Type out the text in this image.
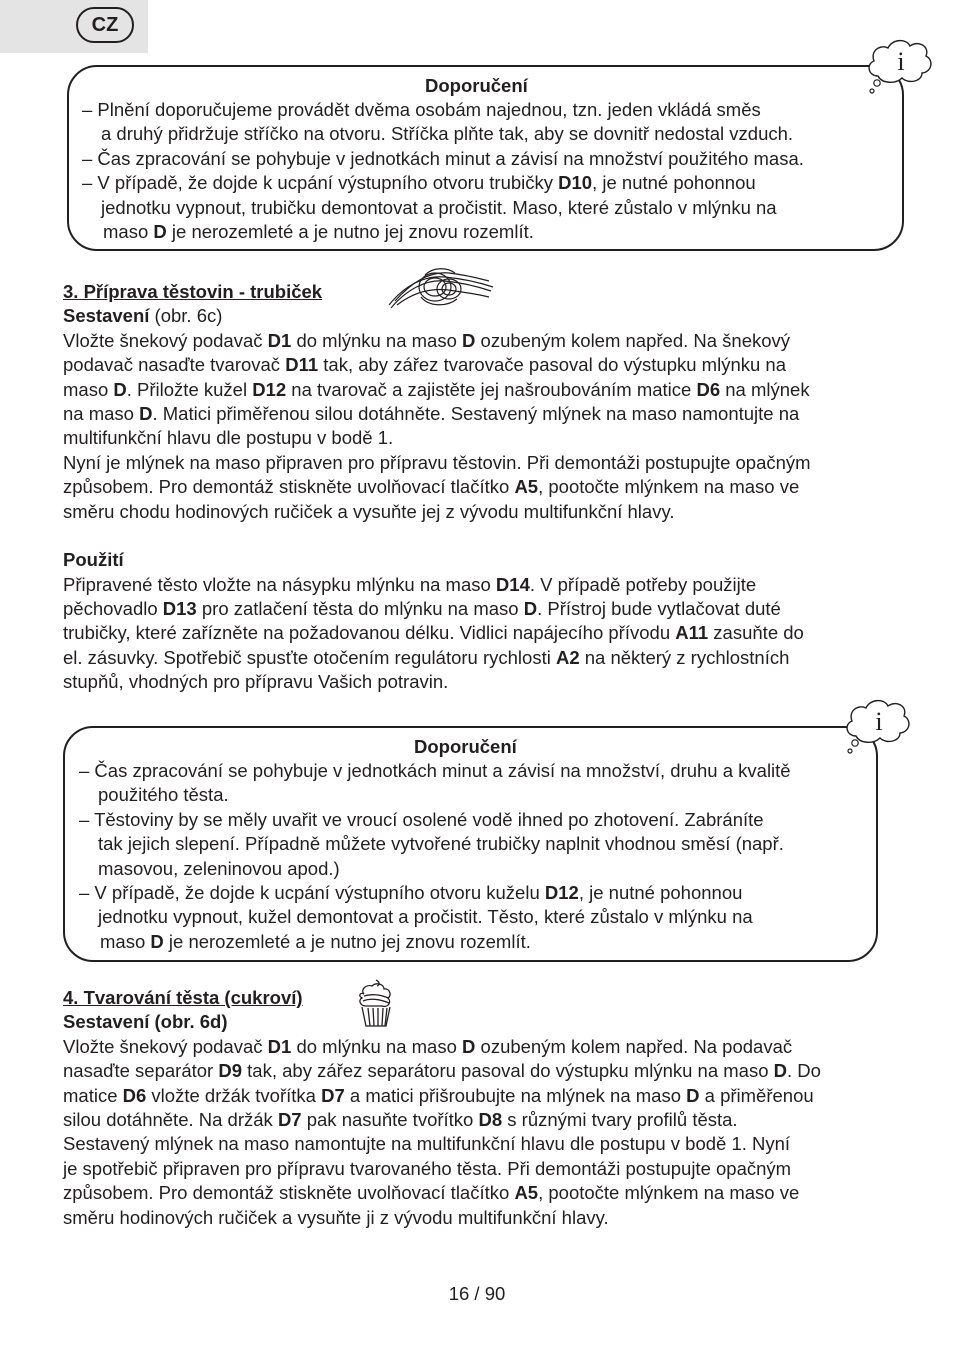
CZ
Doporučení
– Plnění doporučujeme provádět dvěma osobám najednou, tzn. jeden vkládá směs
a druhý přidržuje stříčko na otvoru. Stříčka plňte tak, aby se dovnitř nedostal vzduch.
– Čas zpracování se pohybuje v jednotkách minut a závisí na množství použitého masa.
– V případě, že dojde k ucpání výstupního otvoru trubičky D10, je nutné pohonnou
jednotku vypnout, trubičku demontovat a pročistit. Maso, které zůstalo v mlýnku na
maso D je nerozemleté a je nutno jej znovu rozemlít.
i
3. Příprava těstovin - trubiček
Sestavení (obr. 6c)
Vložte šnekový podavač D1 do mlýnku na maso D ozubeným kolem napřed. Na šnekový
podavač nasaďte tvarovač D11 tak, aby zářez tvarovače pasoval do výstupku mlýnku na
maso D. Přiložte kužel D12 na tvarovač a zajistěte jej našroubováním matice D6 na mlýnek
na maso D. Matici přiměřenou silou dotáhněte. Sestavený mlýnek na maso namontujte na
multifunkční hlavu dle postupu v bodě 1.
Nyní je mlýnek na maso připraven pro přípravu těstovin. Při demontáži postupujte opačným
způsobem. Pro demontáž stiskněte uvolňovací tlačítko A5, pootočte mlýnkem na maso ve
směru chodu hodinových ručiček a vysuňte jej z vývodu multifunkční hlavy.
Použití
Připravené těsto vložte na násypku mlýnku na maso D14. V případě potřeby použijte
pěchovadlo D13 pro zatlačení těsta do mlýnku na maso D. Přístroj bude vytlačovat duté
trubičky, které zařízněte na požadovanou délku. Vidlici napájecího přívodu A11 zasuňte do
el. zásuvky. Spotřebič spusťte otočením regulátoru rychlosti A2 na některý z rychlostních
stupňů, vhodných pro přípravu Vašich potravin.
Doporučení
– Čas zpracování se pohybuje v jednotkách minut a závisí na množství, druhu a kvalitě
použitého těsta.
– Těstoviny by se měly uvařit ve vroucí osolené vodě ihned po zhotovení. Zabráníte
tak jejich slepení. Případně můžete vytvořené trubičky naplnit vhodnou směsí (např.
masovou, zeleninovou apod.)
– V případě, že dojde k ucpání výstupního otvoru kuželu D12, je nutné pohonnou
jednotku vypnout, kužel demontovat a pročistit. Těsto, které zůstalo v mlýnku na
maso D je nerozemleté a je nutno jej znovu rozemlít.
i
4. Tvarování těsta (cukroví)
Sestavení (obr. 6d)
Vložte šnekový podavač D1 do mlýnku na maso D ozubeným kolem napřed. Na podavač
nasaďte separátor D9 tak, aby zářez separátoru pasoval do výstupku mlýnku na maso D. Do
matice D6 vložte držák tvořítka D7 a matici přišroubujte na mlýnek na maso D a přiměřenou
silou dotáhněte. Na držák D7 pak nasuňte tvořítko D8 s různými tvary profilů těsta.
Sestavený mlýnek na maso namontujte na multifunkční hlavu dle postupu v bodě 1. Nyní
je spotřebič připraven pro přípravu tvarovaného těsta. Při demontáži postupujte opačným
způsobem. Pro demontáž stiskněte uvolňovací tlačítko A5, pootočte mlýnkem na maso ve
směru hodinových ručiček a vysuňte ji z vývodu multifunkční hlavy.
16 / 90
